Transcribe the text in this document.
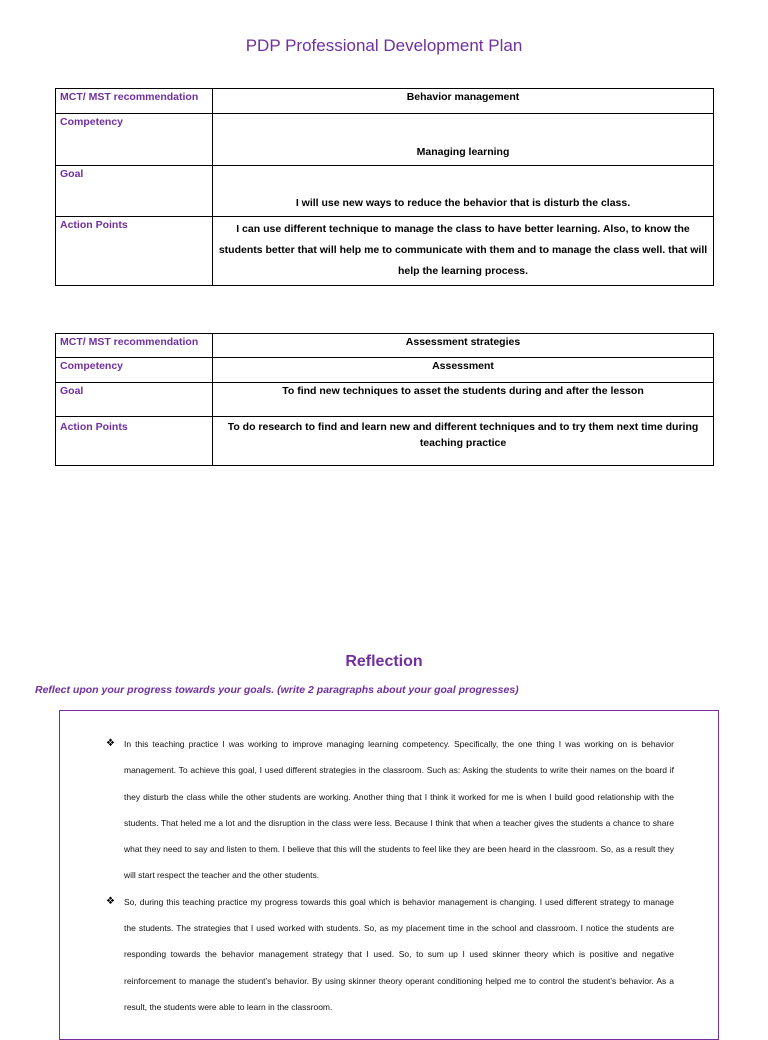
PDP Professional Development Plan
MCT/ MST recommendation	Behavior management
Competency	Managing learning
Goal	I will use new ways to reduce the behavior that is disturb the class.
Action Points	I can use different technique to manage the class to have better learning. Also, to know the students better that will help me to communicate with them and to manage the class well. that will help the learning process.
MCT/ MST recommendation	Assessment strategies
Competency	Assessment
Goal	To find new techniques to asset the students during and after the lesson
Action Points	To do research to find and learn new and different techniques and to try them next time during teaching practice
Reflection
Reflect upon your progress towards your goals. (write 2 paragraphs about your goal progresses)
❖ In this teaching practice I was working to improve managing learning competency. Specifically, the one thing I was working on is behavior management. To achieve this goal, I used different strategies in the classroom. Such as: Asking the students to write their names on the board if they disturb the class while the other students are working. Another thing that I think it worked for me is when I build good relationship with the students. That heled me a lot and the disruption in the class were less. Because I think that when a teacher gives the students a chance to share what they need to say and listen to them. I believe that this will the students to feel like they are been heard in the classroom. So, as a result they will start respect the teacher and the other students.
❖ So, during this teaching practice my progress towards this goal which is behavior management is changing. I used different strategy to manage the students. The strategies that I used worked with students. So, as my placement time in the school and classroom. I notice the students are responding towards the behavior management strategy that I used. So, to sum up I used skinner theory which is positive and negative reinforcement to manage the student’s behavior. By using skinner theory operant conditioning helped me to control the student’s behavior. As a result, the students were able to learn in the classroom.
